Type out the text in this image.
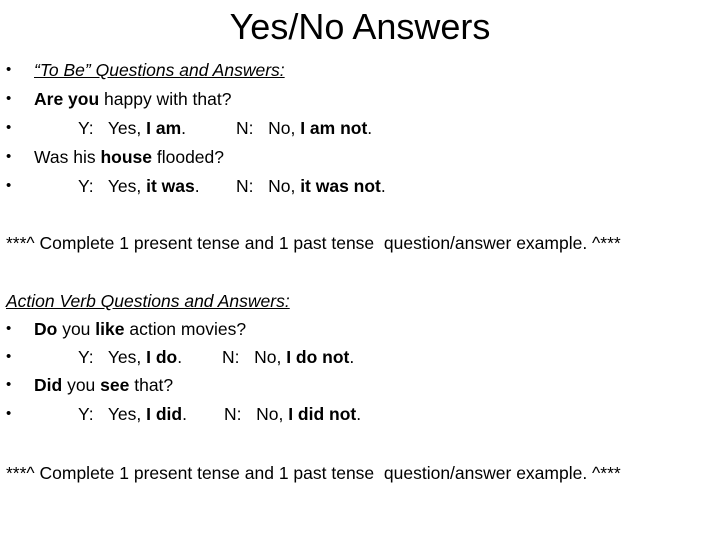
Yes/No Answers
• “To Be” Questions and Answers:
• Are you happy with that?
•	Y:   Yes, I am.	N:   No, I am not.
• Was his house flooded?
•	Y:   Yes, it was. N:   No, it was not.
***^ Complete 1 present tense and 1 past tense  question/answer example. ^***
Action Verb Questions and Answers:
• Do you like action movies?
•	Y:   Yes, I do. N:   No, I do not.
• Did you see that?
•	Y:   Yes, I did. N:   No, I did not.
***^ Complete 1 present tense and 1 past tense  question/answer example. ^***
